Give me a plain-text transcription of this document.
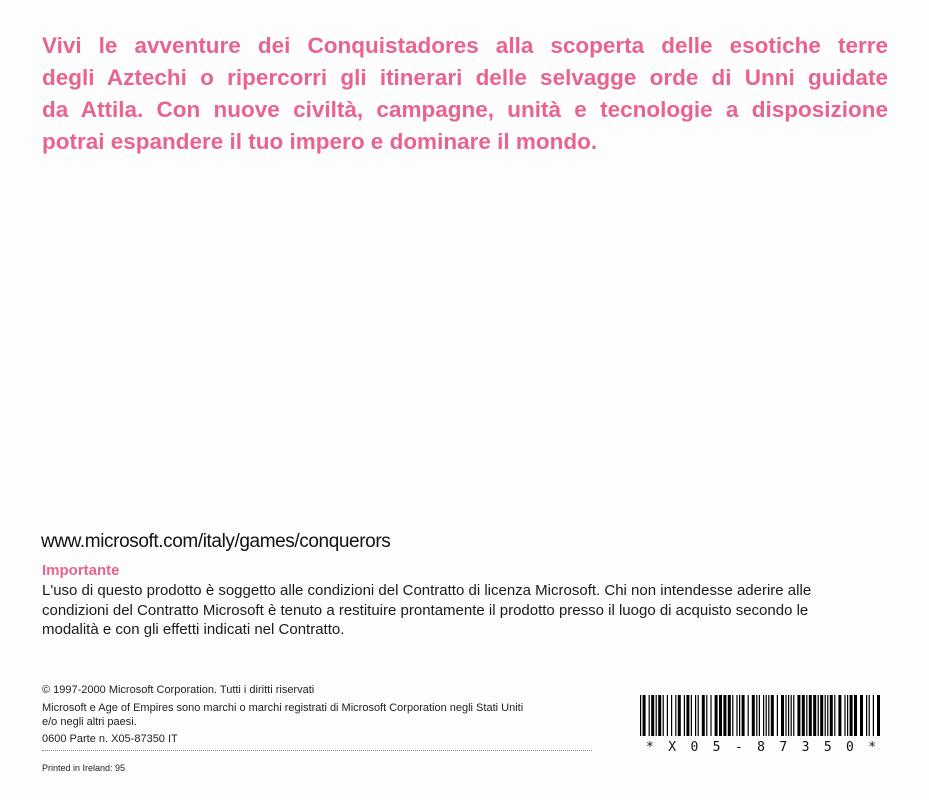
Vivi le avventure dei Conquistadores alla scoperta delle esotiche terre
degli Aztechi o ripercorri gli itinerari delle selvagge orde di Unni guidate
da Attila. Con nuove civiltà, campagne, unità e tecnologie a disposizione
potrai espandere il tuo impero e dominare il mondo.
www.microsoft.com/italy/games/conquerors
Importante
L'uso di questo prodotto è soggetto alle condizioni del Contratto di licenza Microsoft. Chi non intendesse aderire alle condizioni del Contratto Microsoft è tenuto a restituire prontamente il prodotto presso il luogo di acquisto secondo le modalità e con gli effetti indicati nel Contratto.
© 1997-2000 Microsoft Corporation. Tutti i diritti riservati
Microsoft e Age of Empires sono marchi o marchi registrati di Microsoft Corporation negli Stati Uniti
e/o negli altri paesi.
0600 Parte n. X05-87350 IT
Printed in Ireland: 95
*X05-87350*
